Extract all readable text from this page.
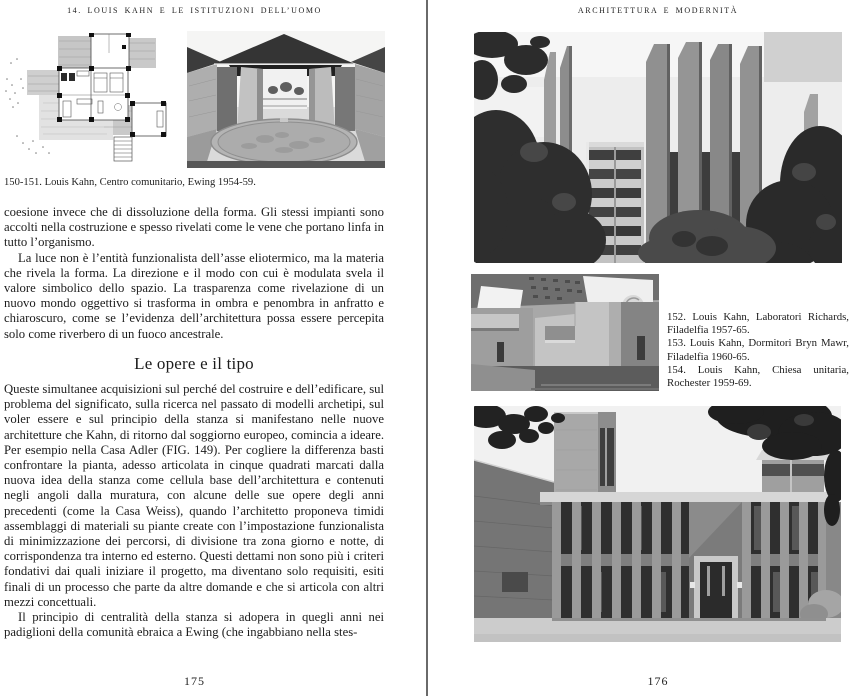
14. LOUIS KAHN E LE ISTITUZIONI DELL’UOMO
150-151. Louis Kahn, Centro comunitario, Ewing 1954-59.

coesione invece che di dissoluzione della forma. Gli stessi impianti sono accolti nella costruzione e spesso rivelati come le vene che portano linfa in tutto l’organismo.

La luce non è l’entità funzionalista dell’asse eliotermico, ma la materia che rivela la forma. La direzione e il modo con cui è modulata svela il valore simbolico dello spazio. La trasparenza come rivelazione di un nuovo mondo oggettivo si trasforma in ombra e penombra in anfratto e chiaroscuro, come se l’evidenza dell’architettura possa essere percepita solo come riverbero di un fuoco ancestrale.

Le opere e il tipo

Queste simultanee acquisizioni sul perché del costruire e dell’edificare, sul problema del significato, sulla ricerca nel passato di modelli archetipi, sul voler essere e sul principio della stanza si manifestano nelle nuove architetture che Kahn, di ritorno dal soggiorno europeo, comincia a ideare. Per esempio nella Casa Adler (FIG. 149). Per cogliere la differenza basti confrontare la pianta, adesso articolata in cinque quadrati marcati dalla nuova idea della stanza come cellula base dell’architettura e contenuti negli angoli dalla muratura, con alcune delle sue opere degli anni precedenti (come la Casa Weiss), quando l’architetto proponeva timidi assemblaggi di materiali su piante create con l’impostazione funzionalista di minimizzazione dei percorsi, di divisione tra zona giorno e notte, di corrispondenza tra interno ed esterno. Questi dettami non sono più i criteri fondativi dai quali iniziare il progetto, ma diventano solo requisiti, esiti finali di un processo che parte da altre domande e che si articola con altri mezzi concettuali.

Il principio di centralità della stanza si adopera in quegli anni nei padiglioni della comunità ebraica a Ewing (che ingabbiano nella stes-

175
ARCHITETTURA E MODERNITÀ

152. Louis Kahn, Laboratori Richards, Filadelfia 1957-65.

153. Louis Kahn, Dormitori Bryn Mawr, Filadelfia 1960-65.

154. Louis Kahn, Chiesa unitaria, Rochester 1959-69.

176
